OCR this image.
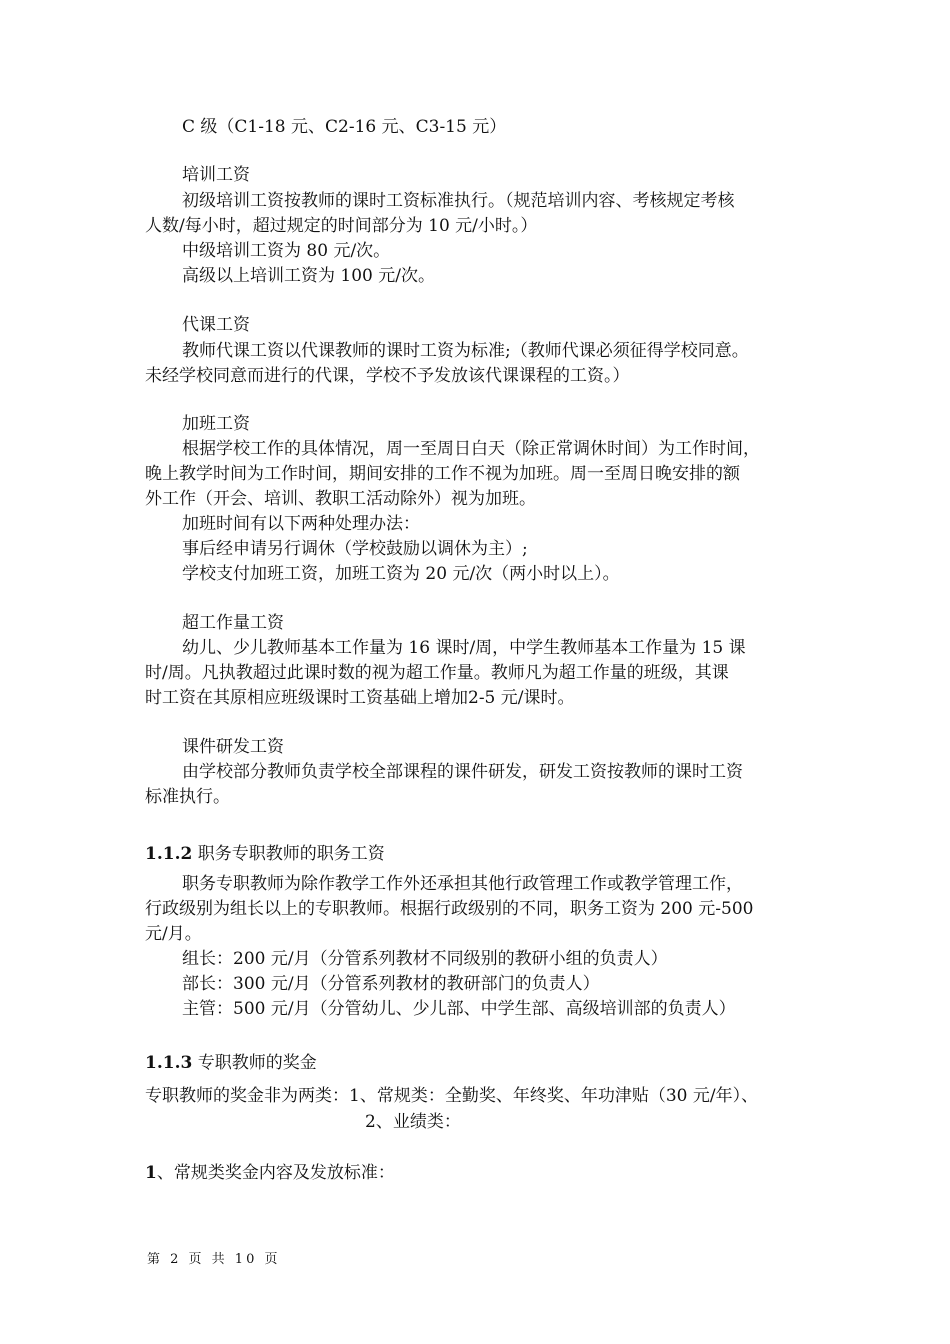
C 级（C1-18 元、C2-16 元、C3-15 元）
培训工资
初级培训工资按教师的课时工资标准执行。（规范培训内容、考核规定考核
人数/每小时，超过规定的时间部分为 10 元/小时。）
中级培训工资为 80 元/次。
高级以上培训工资为 100 元/次。
代课工资
教师代课工资以代课教师的课时工资为标准;（教师代课必须征得学校同意。
未经学校同意而进行的代课，学校不予发放该代课课程的工资。）
加班工资
根据学校工作的具体情况，周一至周日白天（除正常调休时间）为工作时间，
晚上教学时间为工作时间，期间安排的工作不视为加班。周一至周日晚安排的额
外工作（开会、培训、教职工活动除外）视为加班。
加班时间有以下两种处理办法：
事后经申请另行调休（学校鼓励以调休为主）;
学校支付加班工资，加班工资为 20 元/次（两小时以上）。
超工作量工资
幼儿、少儿教师基本工作量为 16 课时/周，中学生教师基本工作量为 15 课
时/周。凡执教超过此课时数的视为超工作量。教师凡为超工作量的班级，其课
时工资在其原相应班级课时工资基础上增加2-5 元/课时。
课件研发工资
由学校部分教师负责学校全部课程的课件研发，研发工资按教师的课时工资
标准执行。
1.1.2 职务专职教师的职务工资
职务专职教师为除作教学工作外还承担其他行政管理工作或教学管理工作，
行政级别为组长以上的专职教师。根据行政级别的不同，职务工资为 200 元-500
元/月。
组长：200 元/月（分管系列教材不同级别的教研小组的负责人）
部长：300 元/月（分管系列教材的教研部门的负责人）
主管：500 元/月（分管幼儿、少儿部、中学生部、高级培训部的负责人）
1.1.3 专职教师的奖金
专职教师的奖金非为两类：1、常规类：全勤奖、年终奖、年功津贴（30 元/年）、
2、业绩类：
1、常规类奖金内容及发放标准：
第 2 页 共 10 页
